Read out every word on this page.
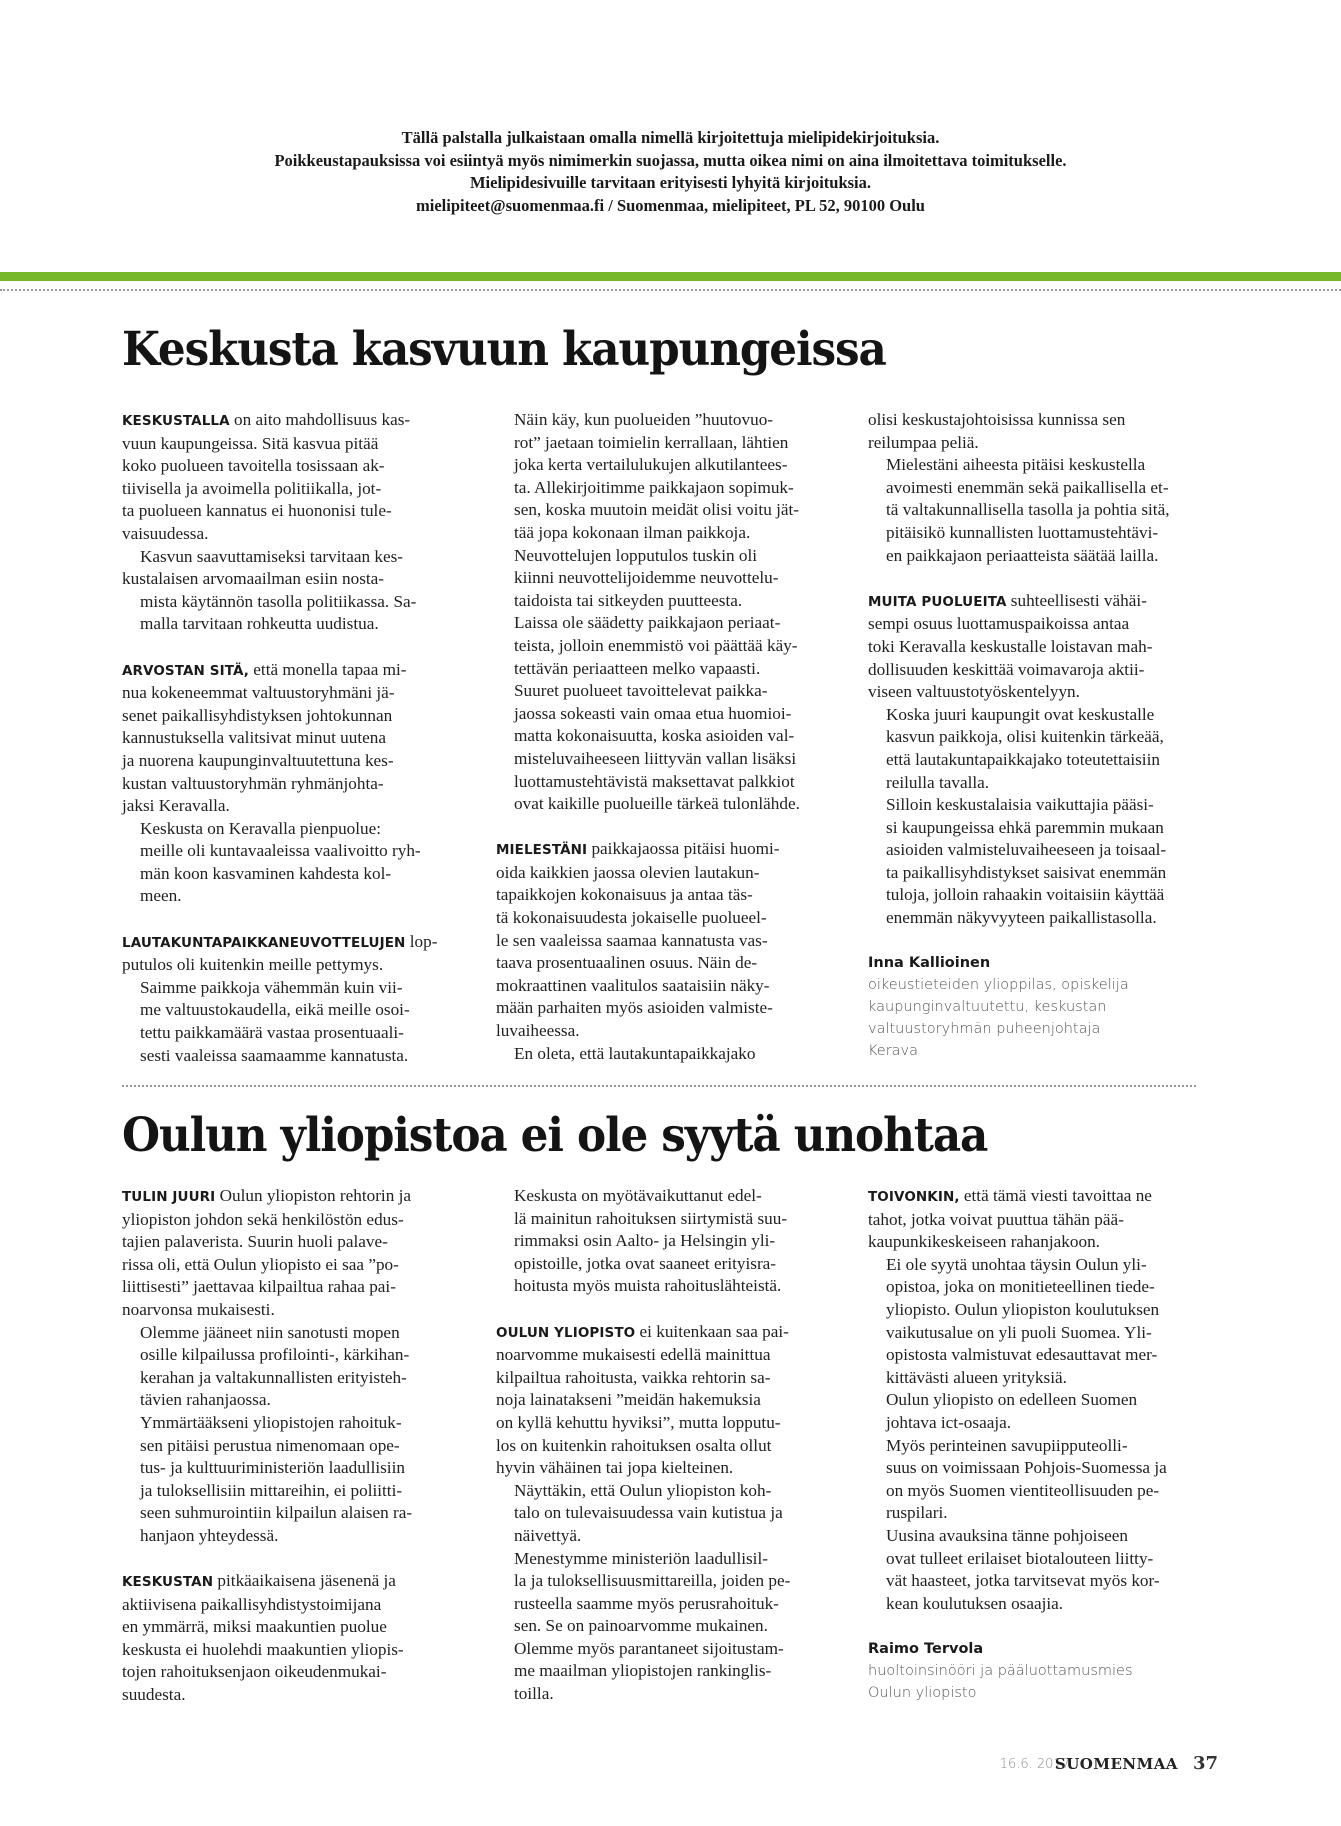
Tällä palstalla julkaistaan omalla nimellä kirjoitettuja mielipidekirjoituksia.
Poikkeustapauksissa voi esiintyä myös nimimerkin suojassa, mutta oikea nimi on aina ilmoitettava toimitukselle.
Mielipidesivuille tarvitaan erityisesti lyhyitä kirjoituksia.
mielipiteet@suomenmaa.fi / Suomenmaa, mielipiteet, PL 52, 90100 Oulu
Keskusta kasvuun kaupungeissa

KESKUSTALLA on aito mahdollisuus kas-
vuun kaupungeissa. Sitä kasvua pitää
koko puolueen tavoitella tosissaan ak-
tiivisella ja avoimella politiikalla, jot-
ta puolueen kannatus ei huononisi tule-
vaisuudessa.

Kasvun saavuttamiseksi tarvitaan kes-
kustalaisen arvomaailman esiin nosta-
mista käytännön tasolla politiikassa. Sa-
malla tarvitaan rohkeutta uudistua.

ARVOSTAN SITÄ, että monella tapaa mi-
nua kokeneemmat valtuustoryhmäni jä-
senet paikallisyhdistyksen johtokunnan
kannustuksella valitsivat minut uutena
ja nuorena kaupunginvaltuutettuna kes-
kustan valtuustoryhmän ryhmänjohta-
jaksi Keravalla.

Keskusta on Keravalla pienpuolue:
meille oli kuntavaaleissa vaalivoitto ryh-
män koon kasvaminen kahdesta kol-
meen.

LAUTAKUNTAPAIKKANEUVOTTELUJEN lop-
putulos oli kuitenkin meille pettymys.

Saimme paikkoja vähemmän kuin vii-
me valtuustokaudella, eikä meille osoi-
tettu paikkamäärä vastaa prosentuaali-
sesti vaaleissa saamaamme kannatusta.

Näin käy, kun puolueiden ”huutovuo-
rot” jaetaan toimielin kerrallaan, lähtien
joka kerta vertailulukujen alkutilantees-
ta. Allekirjoitimme paikkajaon sopimuk-
sen, koska muutoin meidät olisi voitu jät-
tää jopa kokonaan ilman paikkoja.

Neuvottelujen lopputulos tuskin oli
kiinni neuvottelijoidemme neuvottelu-
taidoista tai sitkeyden puutteesta.

Laissa ole säädetty paikkajaon periaat-
teista, jolloin enemmistö voi päättää käy-
tettävän periaatteen melko vapaasti.

Suuret puolueet tavoittelevat paikka-
jaossa sokeasti vain omaa etua huomioi-
matta kokonaisuutta, koska asioiden val-
misteluvaiheeseen liittyvän vallan lisäksi
luottamustehtävistä maksettavat palkkiot
ovat kaikille puolueille tärkeä tulonlähde.

MIELESTÄNI paikkajaossa pitäisi huomi-
oida kaikkien jaossa olevien lautakun-
tapaikkojen kokonaisuus ja antaa täs-
tä kokonaisuudesta jokaiselle puolueel-
le sen vaaleissa saamaa kannatusta vas-
taava prosentuaalinen osuus. Näin de-
mokraattinen vaalitulos saataisiin näky-
mään parhaiten myös asioiden valmiste-
luvaiheessa.

En oleta, että lautakuntapaikkajako

olisi keskustajohtoisissa kunnissa sen
reilumpaa peliä.

Mielestäni aiheesta pitäisi keskustella
avoimesti enemmän sekä paikallisella et-
tä valtakunnallisella tasolla ja pohtia sitä,
pitäisikö kunnallisten luottamustehtävi-
en paikkajaon periaatteista säätää laillа.

MUITA PUOLUEITA suhteellisesti vähäi-
sempi osuus luottamuspaikoissa antaa
toki Keravalla keskustalle loistavan mah-
dollisuuden keskittää voimavaroja aktii-
viseen valtuustotyöskentelyyn.

Koska juuri kaupungit ovat keskustalle
kasvun paikkoja, olisi kuitenkin tärkeää,
että lautakuntapaikkajako toteutettaisiin
reilulla tavalla.

Silloin keskustalaisia vaikuttajia pääsi-
si kaupungeissa ehkä paremmin mukaan
asioiden valmisteluvaiheeseen ja toisaal-
ta paikallisyhdistykset saisivat enemmän
tuloja, jolloin rahaakin voitaisiin käyttää
enemmän näkyvyyteen paikallistasolla.

Inna Kallioinen
oikeustieteiden ylioppilas, opiskelija
kaupunginvaltuutettu, keskustan
valtuustoryhmän puheenjohtaja
Kerava
Oulun yliopistoa ei ole syytä unohtaa

TULIN JUURI Oulun yliopiston rehtorin ja
yliopiston johdon sekä henkilöstön edus-
tajien palaverista. Suurin huoli palave-
rissa oli, että Oulun yliopisto ei saa ”po-
liittisesti” jaettavaa kilpailtua rahaa pai-
noarvonsa mukaisesti.

Olemme jääneet niin sanotusti mopen
osille kilpailussa profilointi-, kärkihan-
kerahan ja valtakunnallisten erityisteh-
tävien rahanjaossa.

Ymmärtääkseni yliopistojen rahoituk-
sen pitäisi perustua nimenomaan ope-
tus- ja kulttuuriministeriön laadullisiin
ja tuloksellisiin mittareihin, ei poliitti-
seen suhmurointiin kilpailun alaisen ra-
hanjaon yhteydessä.

KESKUSTAN pitkäaikaisena jäsenenä ja
aktiivisena paikallisyhdistystoimijana
en ymmärrä, miksi maakuntien puolue
keskusta ei huolehdi maakuntien yliopis-
tojen rahoituksenjaon oikeudenmukai-
suudesta.

Keskusta on myötävaikuttanut edel-
lä mainitun rahoituksen siirtymistä suu-
rimmaksi osin Aalto- ja Helsingin yli-
opistoille, jotka ovat saaneet erityisra-
hoitusta myös muista rahoituslähteistä.

OULUN YLIOPISTO ei kuitenkaan saa pai-
noarvomme mukaisesti edellä mainittua
kilpailtua rahoitusta, vaikka rehtorin sa-
noja lainatakseni ”meidän hakemuksia
on kyllä kehuttu hyviksi”, mutta lopputu-
los on kuitenkin rahoituksen osalta ollut
hyvin vähäinen tai jopa kielteinen.

Näyttäkin, että Oulun yliopiston koh-
talo on tulevaisuudessa vain kutistua ja
näivettyä.

Menestymme ministeriön laadullisil-
la ja tuloksellisuusmittareilla, joiden pe-
rusteella saamme myös perusrahoituk-
sen. Se on painoarvomme mukainen.
Olemme myös parantaneet sijoitustam-
me maailman yliopistojen rankinglis-
toilla.

TOIVONKIN, että tämä viesti tavoittaa ne
tahot, jotka voivat puuttua tähän pää-
kaupunkikeskeiseen rahanjakoon.

Ei ole syytä unohtaa täysin Oulun yli-
opistoa, joka on monitieteellinen tiede-
yliopisto. Oulun yliopiston koulutuksen
vaikutusalue on yli puoli Suomea. Yli-
opistosta valmistuvat edesauttavat mer-
kittävästi alueen yrityksiä.

Oulun yliopisto on edelleen Suomen
johtava ict-osaaja.

Myös perinteinen savupiipputeolli-
suus on voimissaan Pohjois-Suomessa ja
on myös Suomen vientiteollisuuden pe-
ruspilari.

Uusina avauksina tänne pohjoiseen
ovat tulleet erilaiset biotalouteen liitty-
vät haasteet, jotka tarvitsevat myös kor-
kean koulutuksen osaajia.

Raimo Tervola
huoltoinsinööri ja pääluottamusmies
Oulun yliopisto
16.6. 2017
SUOMENMAA 37
